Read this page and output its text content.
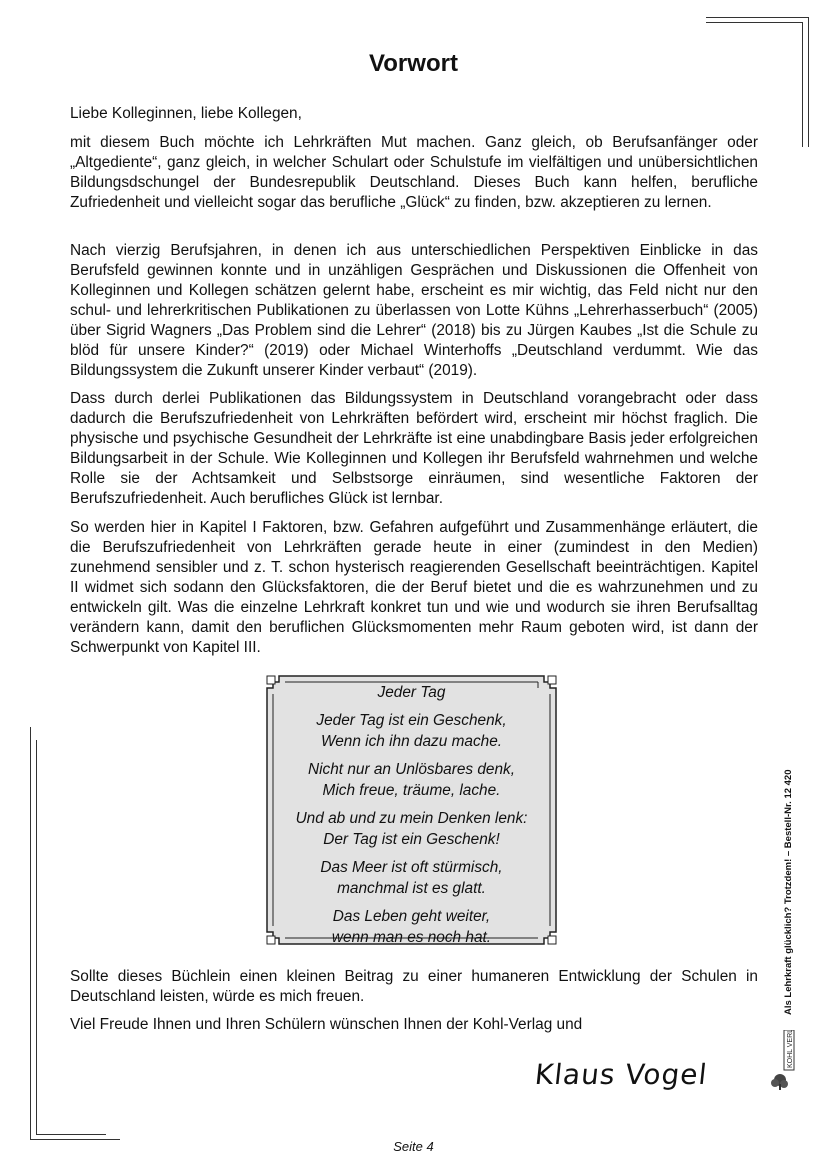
Vorwort

Liebe Kolleginnen, liebe Kollegen,

mit diesem Buch möchte ich Lehrkräften Mut machen. Ganz gleich, ob Berufsanfänger oder „Altgediente“, ganz gleich, in welcher Schulart oder Schulstufe im vielfältigen und unübersichtlichen Bildungsdschungel der Bundesrepublik Deutschland. Dieses Buch kann helfen, berufliche Zufriedenheit und vielleicht sogar das berufliche „Glück“ zu finden, bzw. akzeptieren zu lernen.

Nach vierzig Berufsjahren, in denen ich aus unterschiedlichen Perspektiven Einblicke in das Berufsfeld gewinnen konnte und in unzähligen Gesprächen und Diskussionen die Offenheit von Kolleginnen und Kollegen schätzen gelernt habe, erscheint es mir wichtig, das Feld nicht nur den schul- und lehrerkritischen Publikationen zu überlassen von Lotte Kühns „Lehrerhasserbuch“ (2005) über Sigrid Wagners „Das Problem sind die Lehrer“ (2018) bis zu Jürgen Kaubes „Ist die Schule zu blöd für unsere Kinder?“ (2019) oder Michael Winterhoffs „Deutschland verdummt. Wie das Bildungssystem die Zukunft unserer Kinder verbaut“ (2019).

Dass durch derlei Publikationen das Bildungssystem in Deutschland vorangebracht oder dass dadurch die Berufszufriedenheit von Lehrkräften befördert wird, erscheint mir höchst fraglich. Die physische und psychische Gesundheit der Lehrkräfte ist eine unabdingbare Basis jeder erfolgreichen Bildungsarbeit in der Schule. Wie Kolleginnen und Kollegen ihr Berufsfeld wahrnehmen und welche Rolle sie der Achtsamkeit und Selbstsorge einräumen, sind wesentliche Faktoren der Berufszufriedenheit. Auch berufliches Glück ist lernbar.

So werden hier in Kapitel I Faktoren, bzw. Gefahren aufgeführt und Zusammenhänge erläutert, die die Berufszufriedenheit von Lehrkräften gerade heute in einer (zumindest in den Medien) zunehmend sensibler und z. T. schon hysterisch reagierenden Gesellschaft beeinträchtigen. Kapitel II widmet sich sodann den Glücksfaktoren, die der Beruf bietet und die es wahrzunehmen und zu entwickeln gilt. Was die einzelne Lehrkraft konkret tun und wie und wodurch sie ihren Berufsalltag verändern kann, damit den beruflichen Glücksmomenten mehr Raum geboten wird, ist dann der Schwerpunkt von Kapitel III.

Jeder Tag

Jeder Tag ist ein Geschenk,
Wenn ich ihn dazu mache.

Nicht nur an Unlösbares denk,
Mich freue, träume, lache.

Und ab und zu mein Denken lenk:
Der Tag ist ein Geschenk!

Das Meer ist oft stürmisch,
manchmal ist es glatt.

Das Leben geht weiter,
wenn man es noch hat.

Sollte dieses Büchlein einen kleinen Beitrag zu einer humaneren Entwicklung der Schulen in Deutschland leisten, würde es mich freuen.

Viel Freude Ihnen und Ihren Schülern wünschen Ihnen der Kohl-Verlag und

Klaus Vogel
Als Lehrkraft glücklich? Trotzdem! – Bestell-Nr. 12 420
KOHL VERLAG
Seite 4
